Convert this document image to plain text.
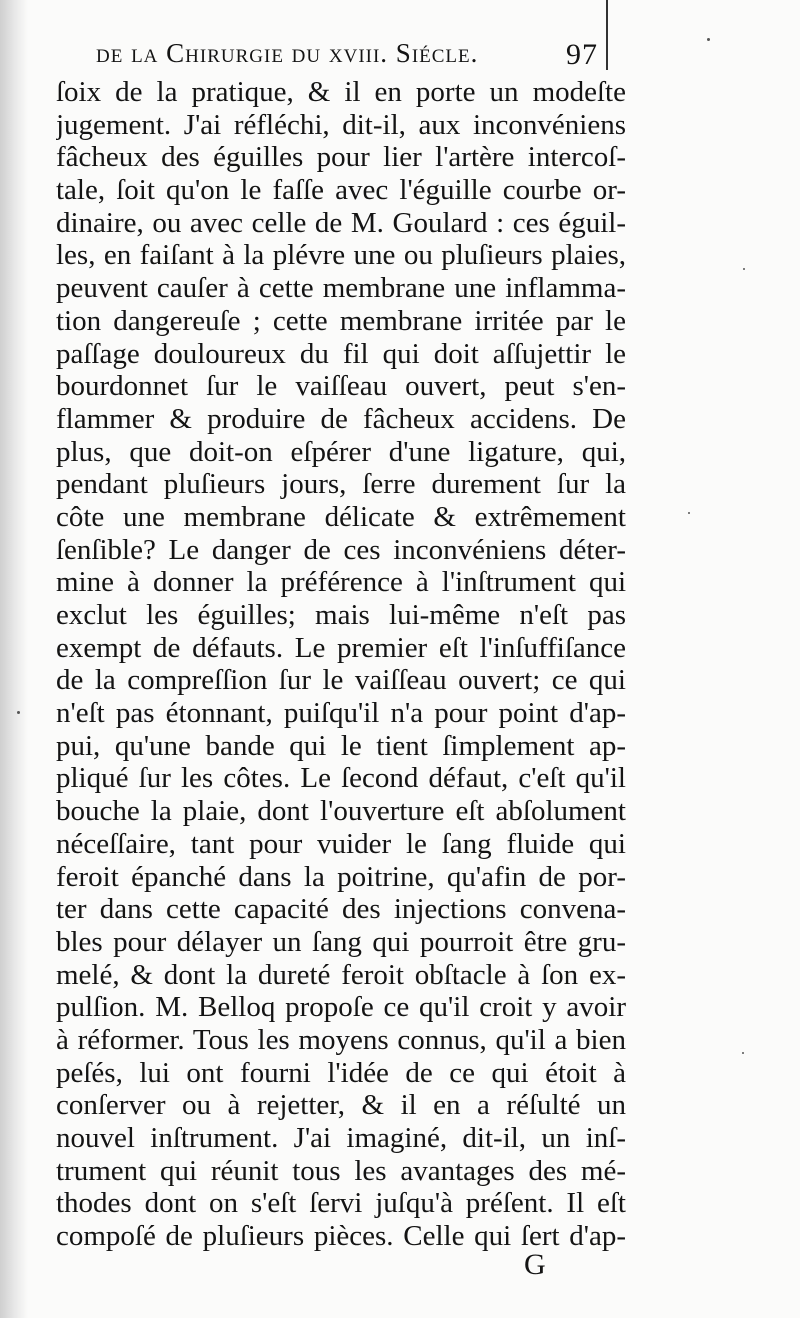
de la Chirurgie du xviii. Siécle.	97
ſoix de la pratique, & il en porte un modeſte
jugement. J'ai réfléchi, dit-il, aux inconvéniens
fâcheux des éguilles pour lier l'artère intercoſ-
tale, ſoit qu'on le faſſe avec l'éguille courbe or-
dinaire, ou avec celle de M. Goulard : ces éguil-
les, en faiſant à la plévre une ou pluſieurs plaies,
peuvent cauſer à cette membrane une inflamma-
tion dangereuſe ; cette membrane irritée par le
paſſage douloureux du fil qui doit aſſujettir le
bourdonnet ſur le vaiſſeau ouvert, peut s'en-
flammer & produire de fâcheux accidens. De
plus, que doit-on eſpérer d'une ligature, qui,
pendant pluſieurs jours, ſerre durement ſur la
côte une membrane délicate & extrêmement
ſenſible? Le danger de ces inconvéniens déter-
mine à donner la préférence à l'inſtrument qui
exclut les éguilles; mais lui-même n'eſt pas
exempt de défauts. Le premier eſt l'inſuffiſance
de la compreſſion ſur le vaiſſeau ouvert; ce qui
n'eſt pas étonnant, puiſqu'il n'a pour point d'ap-
pui, qu'une bande qui le tient ſimplement ap-
pliqué ſur les côtes. Le ſecond défaut, c'eſt qu'il
bouche la plaie, dont l'ouverture eſt abſolument
néceſſaire, tant pour vuider le ſang fluide qui
feroit épanché dans la poitrine, qu'afin de por-
ter dans cette capacité des injections convena-
bles pour délayer un ſang qui pourroit être gru-
melé, & dont la dureté feroit obſtacle à ſon ex-
pulſion. M. Belloq propoſe ce qu'il croit y avoir
à réformer. Tous les moyens connus, qu'il a bien
peſés, lui ont fourni l'idée de ce qui étoit à
conſerver ou à rejetter, & il en a réſulté un
nouvel inſtrument. J'ai imaginé, dit-il, un inſ-
trument qui réunit tous les avantages des mé-
thodes dont on s'eſt ſervi juſqu'à préſent. Il eſt
compoſé de pluſieurs pièces. Celle qui ſert d'ap-
G
